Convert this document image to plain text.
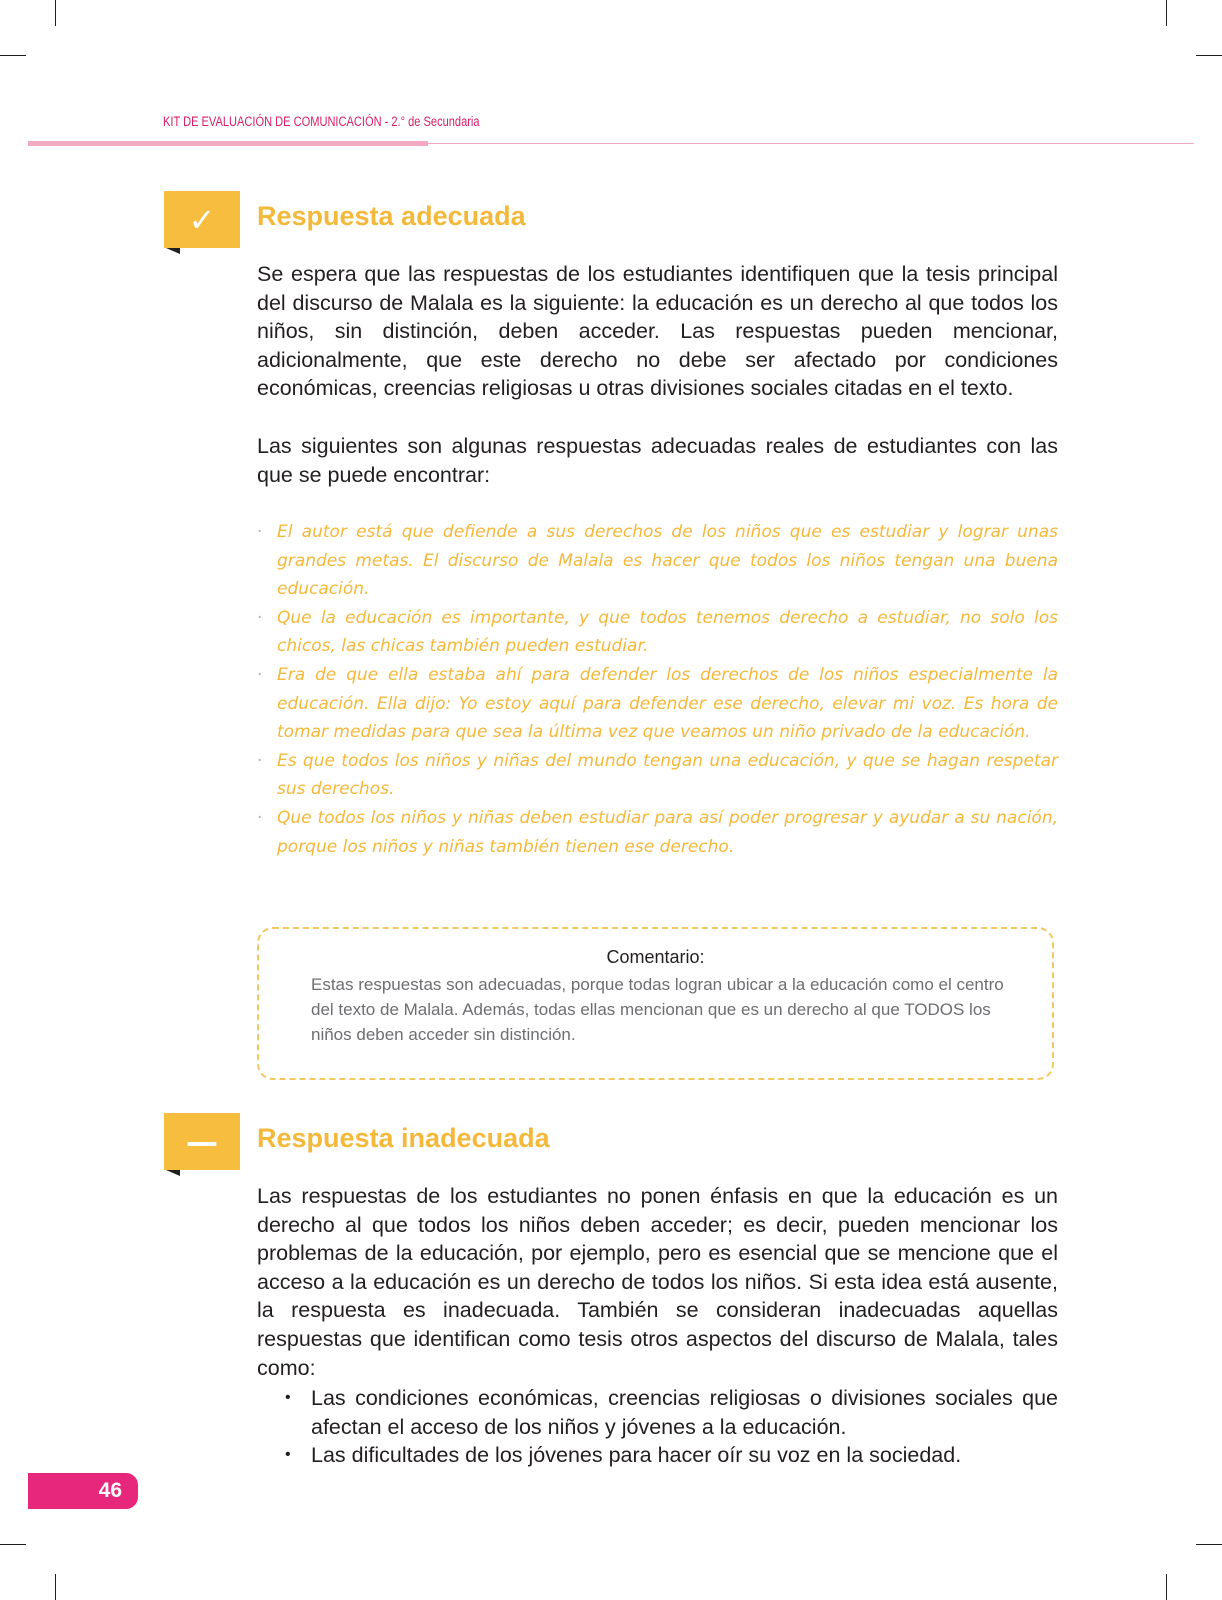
KIT DE EVALUACIÓN DE COMUNICACIÓN - 2.° de Secundaria
✓ Respuesta adecuada

Se espera que las respuestas de los estudiantes identifiquen que la tesis principal del discurso de Malala es la siguiente: la educación es un derecho al que todos los niños, sin distinción, deben acceder. Las respuestas pueden mencionar, adicionalmente, que este derecho no debe ser afectado por condiciones económicas, creencias religiosas u otras divisiones sociales citadas en el texto.

Las siguientes son algunas respuestas adecuadas reales de estudiantes con las que se puede encontrar:

· El autor está que defiende a sus derechos de los niños que es estudiar y lograr unas grandes metas. El discurso de Malala es hacer que todos los niños tengan una buena educación.
· Que la educación es importante, y que todos tenemos derecho a estudiar, no solo los chicos, las chicas también pueden estudiar.
· Era de que ella estaba ahí para defender los derechos de los niños especialmente la educación. Ella dijo: Yo estoy aquí para defender ese derecho, elevar mi voz. Es hora de tomar medidas para que sea la última vez que veamos un niño privado de la educación.
· Es que todos los niños y niñas del mundo tengan una educación, y que se hagan respetar sus derechos.
· Que todos los niños y niñas deben estudiar para así poder progresar y ayudar a su nación, porque los niños y niñas también tienen ese derecho.
Comentario:

Estas respuestas son adecuadas, porque todas logran ubicar a la educación como el centro del texto de Malala. Además, todas ellas mencionan que es un derecho al que TODOS los niños deben acceder sin distinción.

— Respuesta inadecuada

Las respuestas de los estudiantes no ponen énfasis en que la educación es un derecho al que todos los niños deben acceder; es decir, pueden mencionar los problemas de la educación, por ejemplo, pero es esencial que se mencione que el acceso a la educación es un derecho de todos los niños. Si esta idea está ausente, la respuesta es inadecuada. También se consideran inadecuadas aquellas respuestas que identifican como tesis otros aspectos del discurso de Malala, tales como:

• Las condiciones económicas, creencias religiosas o divisiones sociales que afectan el acceso de los niños y jóvenes a la educación.
• Las dificultades de los jóvenes para hacer oír su voz en la sociedad.
46
